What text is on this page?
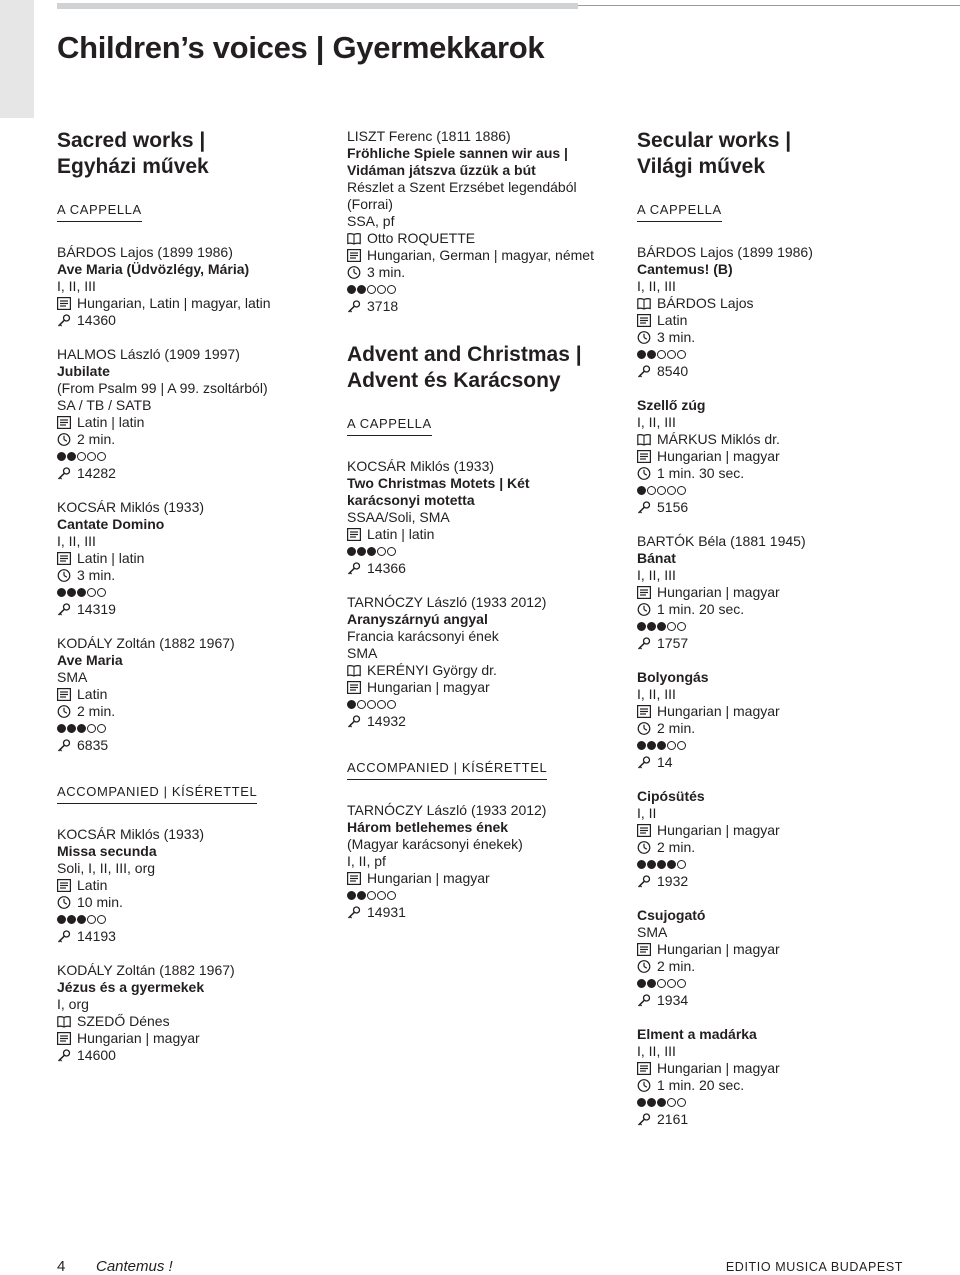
Children’s voices | Gyermekkarok
Sacred works |
Egyházi művek
A CAPPELLA
BÁRDOS Lajos (1899 1986)
Ave Maria (Üdvözlégy, Mária)
I, II, III
Hungarian, Latin | magyar, latin
14360
HALMOS László (1909 1997)
Jubilate
(From Psalm 99 | A 99. zsoltárból)
SA / TB / SATB
Latin | latin
2 min.
14282
KOCSÁR Miklós (1933)
Cantate Domino
I, II, III
Latin | latin
3 min.
14319
KODÁLY Zoltán (1882 1967)
Ave Maria
SMA
Latin
2 min.
6835
ACCOMPANIED | KÍSÉRETTEL
KOCSÁR Miklós (1933)
Missa secunda
Soli, I, II, III, org
Latin
10 min.
14193
KODÁLY Zoltán (1882 1967)
Jézus és a gyermekek
I, org
SZEDŐ Dénes
Hungarian | magyar
14600
LISZT Ferenc (1811 1886)
Fröhliche Spiele sannen wir aus |
Vidáman játszva űzzük a bút
Részlet a Szent Erzsébet legendából
(Forrai)
SSA, pf
Otto ROQUETTE
Hungarian, German | magyar, német
3 min.
3718
Advent and Christmas |
Advent és Karácsony
A CAPPELLA
KOCSÁR Miklós (1933)
Two Christmas Motets | Két
karácsonyi motetta
SSAA/Soli, SMA
Latin | latin
14366
TARNÓCZY László (1933 2012)
Aranyszárnyú angyal
Francia karácsonyi ének
SMA
KERÉNYI György dr.
Hungarian | magyar
14932
ACCOMPANIED | KÍSÉRETTEL
TARNÓCZY László (1933 2012)
Három betlehemes ének
(Magyar karácsonyi énekek)
I, II, pf
Hungarian | magyar
14931
Secular works |
Világi művek
A CAPPELLA
BÁRDOS Lajos (1899 1986)
Cantemus! (B)
I, II, III
BÁRDOS Lajos
Latin
3 min.
8540
Szellő zúg
I, II, III
MÁRKUS Miklós dr.
Hungarian | magyar
1 min. 30 sec.
5156
BARTÓK Béla (1881 1945)
Bánat
I, II, III
Hungarian | magyar
1 min. 20 sec.
1757
Bolyongás
I, II, III
Hungarian | magyar
2 min.
14
Cipósütés
I, II
Hungarian | magyar
2 min.
1932
Csujogató
SMA
Hungarian | magyar
2 min.
1934
Elment a madárka
I, II, III
Hungarian | magyar
1 min. 20 sec.
2161
4 Cantemus !	EDITIO MUSICA BUDAPEST
